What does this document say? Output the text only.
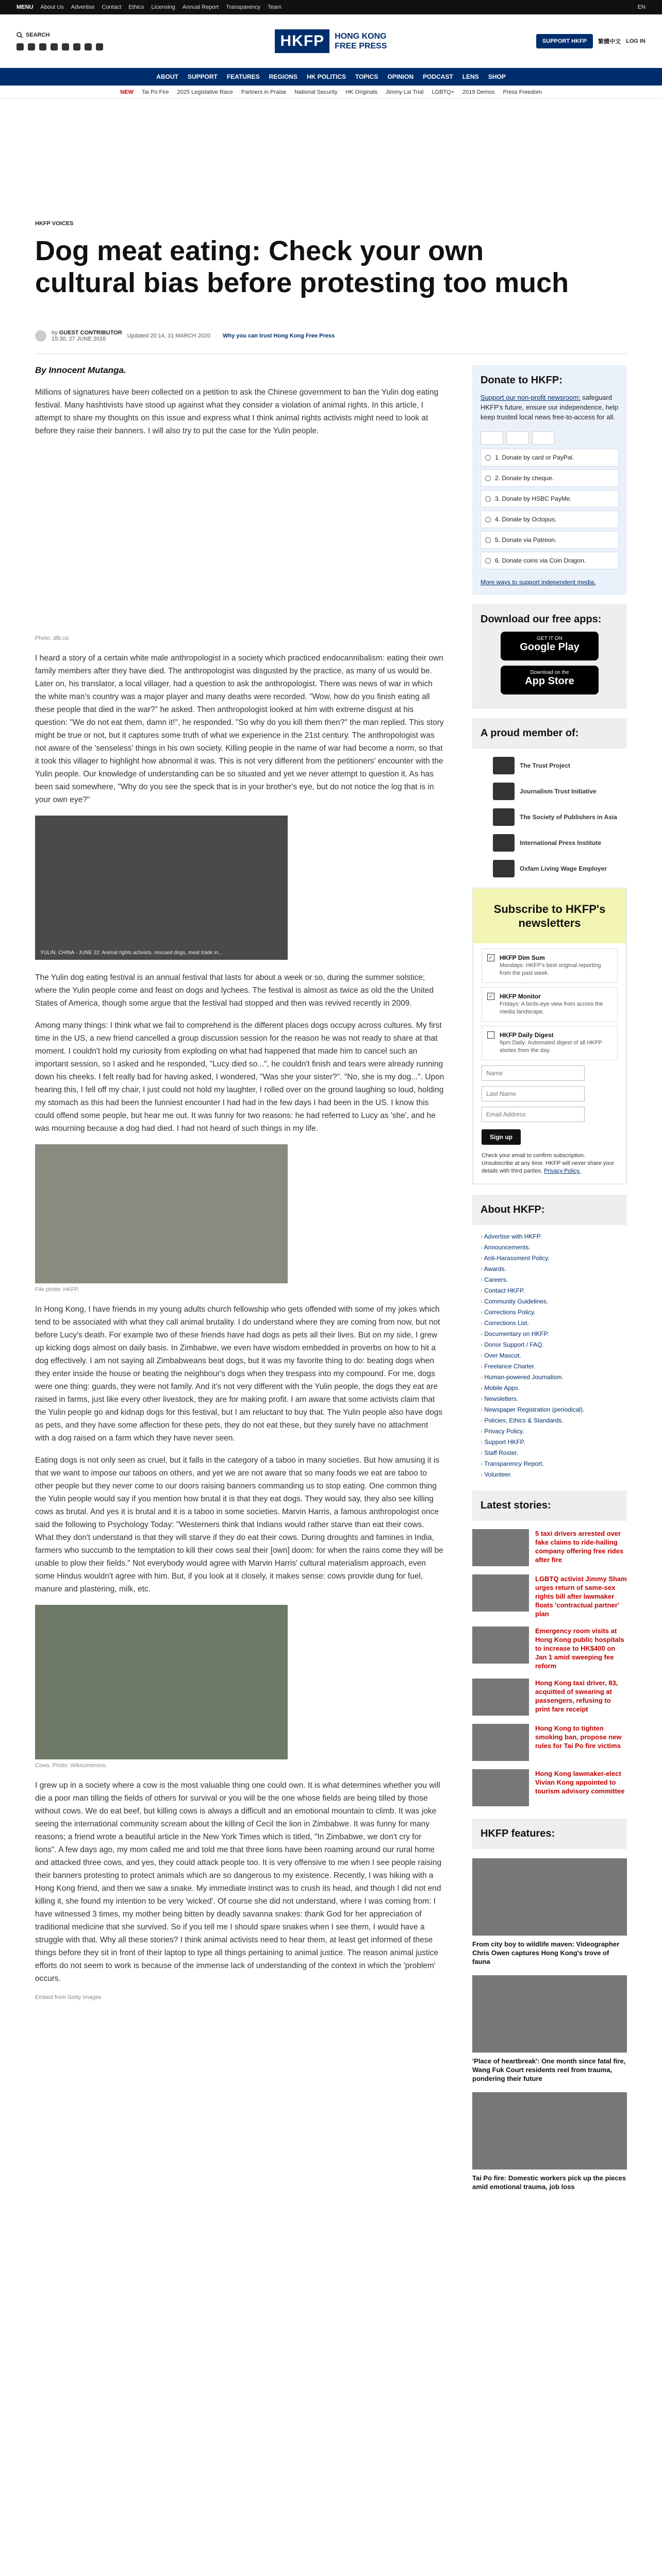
MENU About Us Advertise Contact Ethics Licensing Annual Report Transparency Team	EN
SEARCH	HKFP	HONG KONG
FREE PRESS
SUPPORT HKFP	繁體中文 LOG IN
ABOUT SUPPORT FEATURES REGIONS HK POLITICS TOPICS OPINION PODCAST LENS SHOP
NEW Tai Po Fire 2025 Legislative Race Partners in Praise National Security HK Originals Jimmy Lai Trial LGBTQ+ 2019 Demos Press Freedom
HKFP VOICES
Dog meat eating: Check your own cultural bias before protesting too much
by GUEST CONTRIBUTOR
15:30, 27 JUNE 2016	Updated 20:14, 31 MARCH 2020 Why you can trust Hong Kong Free Press
By Innocent Mutanga.

Millions of signatures have been collected on a petition to ask the Chinese government to ban the Yulin dog eating festival. Many hashtivists have stood up against what they consider a violation of animal rights. In this article, I attempt to share my thoughts on this issue and express what I think animal rights activists might need to look at before they raise their banners. I will also try to put the case for the Yulin people.

Photo: dfb.co.

I heard a story of a certain white male anthropologist in a society which practiced endocannibalism: eating their own family members after they have died. The anthropologist was disgusted by the practice, as many of us would be. Later on, his translator, a local villager, had a question to ask the anthropologist. There was news of war in which the white man's country was a major player and many deaths were recorded. "Wow, how do you finish eating all these people that died in the war?" he asked. Then anthropologist looked at him with extreme disgust at his question: "We do not eat them, damn it!", he responded. "So why do you kill them then?" the man replied. This story might be true or not, but it captures some truth of what we experience in the 21st century. The anthropologist was not aware of the 'senseless' things in his own society. Killing people in the name of war had become a norm, so that it took this villager to highlight how abnormal it was. This is not very different from the petitioners' encounter with the Yulin people. Our knowledge of understanding can be so situated and yet we never attempt to question it. As has been said somewhere, "Why do you see the speck that is in your brother's eye, but do not notice the log that is in your own eye?"

YULIN, CHINA - JUNE 22: Animal rights activists, rescued dogs, meat trade in...

The Yulin dog eating festival is an annual festival that lasts for about a week or so, during the summer solstice; where the Yulin people come and feast on dogs and lychees. The festival is almost as twice as old the the United States of America, though some argue that the festival had stopped and then was revived recently in 2009.

Among many things: I think what we fail to comprehend is the different places dogs occupy across cultures. My first time in the US, a new friend cancelled a group discussion session for the reason he was not ready to share at that moment. I couldn't hold my curiosity from exploding on what had happened that made him to cancel such an important session, so I asked and he responded, "Lucy died so...", he couldn't finish and tears were already running down his cheeks. I felt really bad for having asked, I wondered, "Was she your sister?". "No, she is my dog...". Upon hearing this, I fell off my chair, I just could not hold my laughter, I rolled over on the ground laughing so loud, holding my stomach as this had been the funniest encounter I had had in the few days I had been in the US. I know this could offend some people, but hear me out. It was funny for two reasons: he had referred to Lucy as 'she', and he was mourning because a dog had died. I had not heard of such things in my life.

File photo: HKFP.

In Hong Kong, I have friends in my young adults church fellowship who gets offended with some of my jokes which tend to be associated with what they call animal brutality. I do understand where they are coming from now, but not before Lucy's death. For example two of these friends have had dogs as pets all their lives. But on my side, I grew up kicking dogs almost on daily basis. In Zimbabwe, we even have wisdom embedded in proverbs on how to hit a dog effectively. I am not saying all Zimbabweans beat dogs, but it was my favorite thing to do: beating dogs when they enter inside the house or beating the neighbour's dogs when they trespass into my compound. For me, dogs were one thing: guards, they were not family. And it's not very different with the Yulin people, the dogs they eat are raised in farms, just like every other livestock, they are for making profit. I am aware that some activists claim that the Yulin people go and kidnap dogs for this festival, but I am reluctant to buy that. The Yulin people also have dogs as pets, and they have some affection for these pets, they do not eat these, but they surely have no attachment with a dog raised on a farm which they have never seen.

Eating dogs is not only seen as cruel, but it falls in the category of a taboo in many societies. But how amusing it is that we want to impose our taboos on others, and yet we are not aware that so many foods we eat are taboo to other people but they never come to our doors raising banners commanding us to stop eating. One common thing the Yulin people would say if you mention how brutal it is that they eat dogs. They would say, they also see killing cows as brutal. And yes it is brutal and it is a taboo in some societies. Marvin Harris, a famous anthropologist once said the following to Psychology Today: "Westerners think that Indians would rather starve than eat their cows. What they don't understand is that they will starve if they do eat their cows. During droughts and famines in India, farmers who succumb to the temptation to kill their cows seal their [own] doom: for when the rains come they will be unable to plow their fields." Not everybody would agree with Marvin Harris' cultural materialism approach, even some Hindus wouldn't agree with him. But, if you look at it closely, it makes sense: cows provide dung for fuel, manure and plastering, milk, etc.

Cows. Photo: Wikicommons.

I grew up in a society where a cow is the most valuable thing one could own. It is what determines whether you will die a poor man tilling the fields of others for survival or you will be the one whose fields are being tilled by those without cows. We do eat beef, but killing cows is always a difficult and an emotional mountain to climb. It was joke seeing the international community scream about the killing of Cecil the lion in Zimbabwe. It was funny for many reasons; a friend wrote a beautiful article in the New York Times which is titled, "In Zimbabwe, we don't cry for lions". A few days ago, my mom called me and told me that three lions have been roaming around our rural home and attacked three cows, and yes, they could attack people too. It is very offensive to me when I see people raising their banners protesting to protect animals which are so dangerous to my existence. Recently, I was hiking with a Hong Kong friend, and then we saw a snake. My immediate instinct was to crush its head, and though I did not end killing it, she found my intention to be very 'wicked'. Of course she did not understand, where I was coming from: I have witnessed 3 times, my mother being bitten by deadly savanna snakes: thank God for her appreciation of traditional medicine that she survived. So if you tell me I should spare snakes when I see them, I would have a struggle with that. Why all these stories? I think animal activists need to hear them, at least get informed of these things before they sit in front of their laptop to type all things pertaining to animal justice. The reason animal justice efforts do not seem to work is because of the immense lack of understanding of the context in which the 'problem' occurs.

Embed from Getty Images
Donate to HKFP:
Support our non-profit newsroom: safeguard HKFP's future, ensure our independence, help keep trusted local news free-to-access for all.
1. Donate by card or PayPal.
2. Donate by cheque.
3. Donate by HSBC PayMe.
4. Donate by Octopus.
5. Donate via Patreon.
6. Donate coins via Coin Dragon.
More ways to support independent media.
Download our free apps:
GET IT ON
Google Play
Download on the
App Store
A proud member of:
The Trust Project
Journalism Trust Initiative
The Society of Publishers in Asia
International Press Institute
Oxfam Living Wage Employer
Subscribe to HKFP's newsletters
✓ HKFP Dim Sum
Mondays: HKFP's best original reporting from the past week.
✓ HKFP Monitor
Fridays: A birds-eye view from across the media landscape.
HKFP Daily Digest
9pm Daily: Automated digest of all HKFP stories from the day.
Name
Last Name
Email Address Sign up
Check your email to confirm subscription. Unsubscribe at any time. HKFP will never share your details with third parties. Privacy Policy.
About HKFP:
› Advertise with HKFP.
› Announcements.
› Anti-Harassment Policy.
› Awards.
› Careers.
› Contact HKFP.
› Community Guidelines.
› Corrections Policy.
› Corrections List.
› Documentary on HKFP.
› Donor Support / FAQ.
› Over Mascot.
› Freelance Charter.
› Human-powered Journalism.
› Mobile Apps.
› Newsletters.
› Newspaper Registration (periodical).
› Policies, Ethics & Standards.
› Privacy Policy.
› Support HKFP.
› Staff Roster.
› Transparency Report.
› Volunteer.
Latest stories:
5 taxi drivers arrested over fake claims to ride-hailing company offering free rides after fire
LGBTQ activist Jimmy Sham urges return of same-sex rights bill after lawmaker floats 'contractual partner' plan
Emergency room visits at Hong Kong public hospitals to increase to HK$400 on Jan 1 amid sweeping fee reform
Hong Kong taxi driver, 83, acquitted of swearing at passengers, refusing to print fare receipt
Hong Kong to tighten smoking ban, propose new rules for Tai Po fire victims
Hong Kong lawmaker-elect Vivian Kong appointed to tourism advisory committee
HKFP features:
From city boy to wildlife maven: Videographer Chris Owen captures Hong Kong's trove of fauna
'Place of heartbreak': One month since fatal fire, Wang Fuk Court residents reel from trauma, pondering their future
Tai Po fire: Domestic workers pick up the pieces amid emotional trauma, job loss
